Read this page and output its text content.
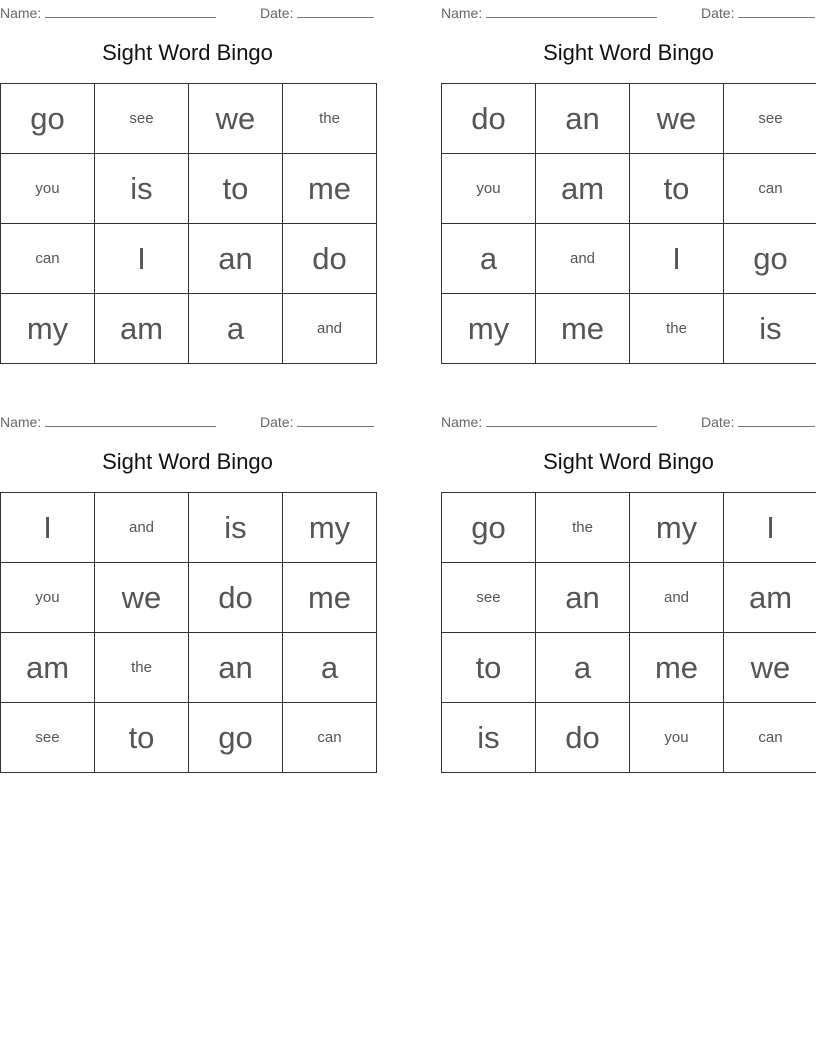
Name:	Date:
Sight Word Bingo
go	see	we	the
you	is	to	me
can	I	an	do
my	am	a	and
Name:	Date:
Sight Word Bingo
do	an	we	see
you	am	to	can
a	and	I	go
my	me	the	is
Name:	Date:
Sight Word Bingo
I	and	is	my
you	we	do	me
am	the	an	a
see	to	go	can
Name:	Date:
Sight Word Bingo
go	the	my	I
see	an	and	am
to	a	me	we
is	do	you	can
